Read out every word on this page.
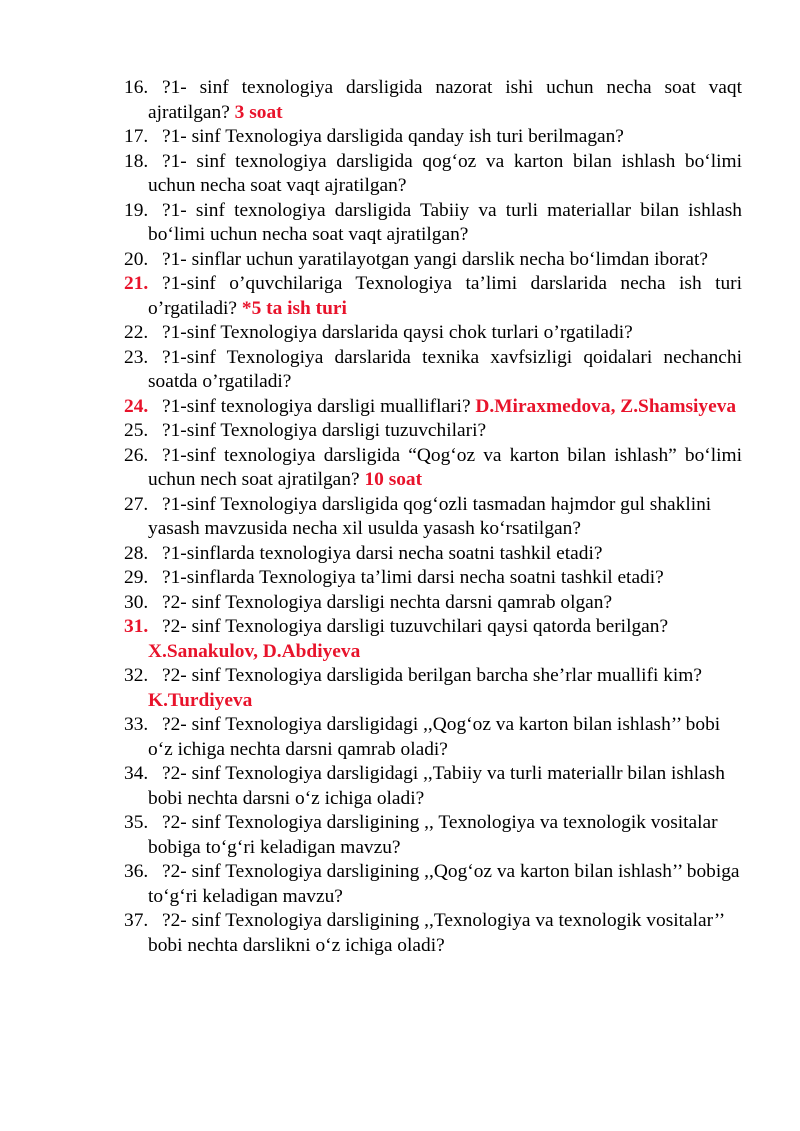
16. ?1- sinf texnologiya darsligida nazorat ishi uchun necha soat vaqt ajratilgan? 3 soat
17. ?1- sinf Texnologiya darsligida qanday ish turi berilmagan?
18. ?1- sinf texnologiya darsligida qog‘oz va karton bilan ishlash bo‘limi uchun necha soat vaqt ajratilgan?
19. ?1- sinf texnologiya darsligida Tabiiy va turli materiallar bilan ishlash bo‘limi uchun necha soat vaqt ajratilgan?
20. ?1- sinflar uchun yaratilayotgan yangi darslik necha bo‘limdan iborat?
21. ?1-sinf o’quvchilariga Texnologiya ta’limi darslarida necha ish turi o’rgatiladi? *5 ta ish turi
22. ?1-sinf Texnologiya darslarida qaysi chok turlari o’rgatiladi?
23. ?1-sinf Texnologiya darslarida texnika xavfsizligi qoidalari nechanchi soatda o’rgatiladi?
24. ?1-sinf texnologiya darsligi mualliflari? D.Miraxmedova, Z.Shamsiyeva
25. ?1-sinf Texnologiya darsligi tuzuvchilari?
26. ?1-sinf texnologiya darsligida “Qog‘oz va karton bilan ishlash” bo‘limi uchun nech soat ajratilgan? 10 soat
27. ?1-sinf Texnologiya darsligida qog‘ozli tasmadan hajmdor gul shaklini yasash mavzusida necha xil usulda yasash ko‘rsatilgan?
28. ?1-sinflarda texnologiya darsi necha soatni tashkil etadi?
29. ?1-sinflarda Texnologiya ta’limi darsi necha soatni tashkil etadi?
30. ?2- sinf Texnologiya darsligi nechta darsni qamrab olgan?
31. ?2- sinf Texnologiya darsligi tuzuvchilari qaysi qatorda berilgan? X.Sanakulov, D.Abdiyeva
32. ?2- sinf Texnologiya darsligida berilgan barcha she’rlar muallifi kim? K.Turdiyeva
33. ?2- sinf Texnologiya darsligidagi ,,Qog‘oz va karton bilan ishlash’’ bobi o‘z ichiga nechta darsni qamrab oladi?
34. ?2- sinf Texnologiya darsligidagi ,,Tabiiy va turli materiallr bilan ishlash bobi nechta darsni o‘z ichiga oladi?
35. ?2- sinf Texnologiya darsligining ,, Texnologiya va texnologik vositalar bobiga to‘g‘ri keladigan mavzu?
36. ?2- sinf Texnologiya darsligining ,,Qog‘oz va karton bilan ishlash’’ bobiga to‘g‘ri keladigan mavzu?
37. ?2- sinf Texnologiya darsligining ,,Texnologiya va texnologik vositalar’’ bobi nechta darslikni o‘z ichiga oladi?
